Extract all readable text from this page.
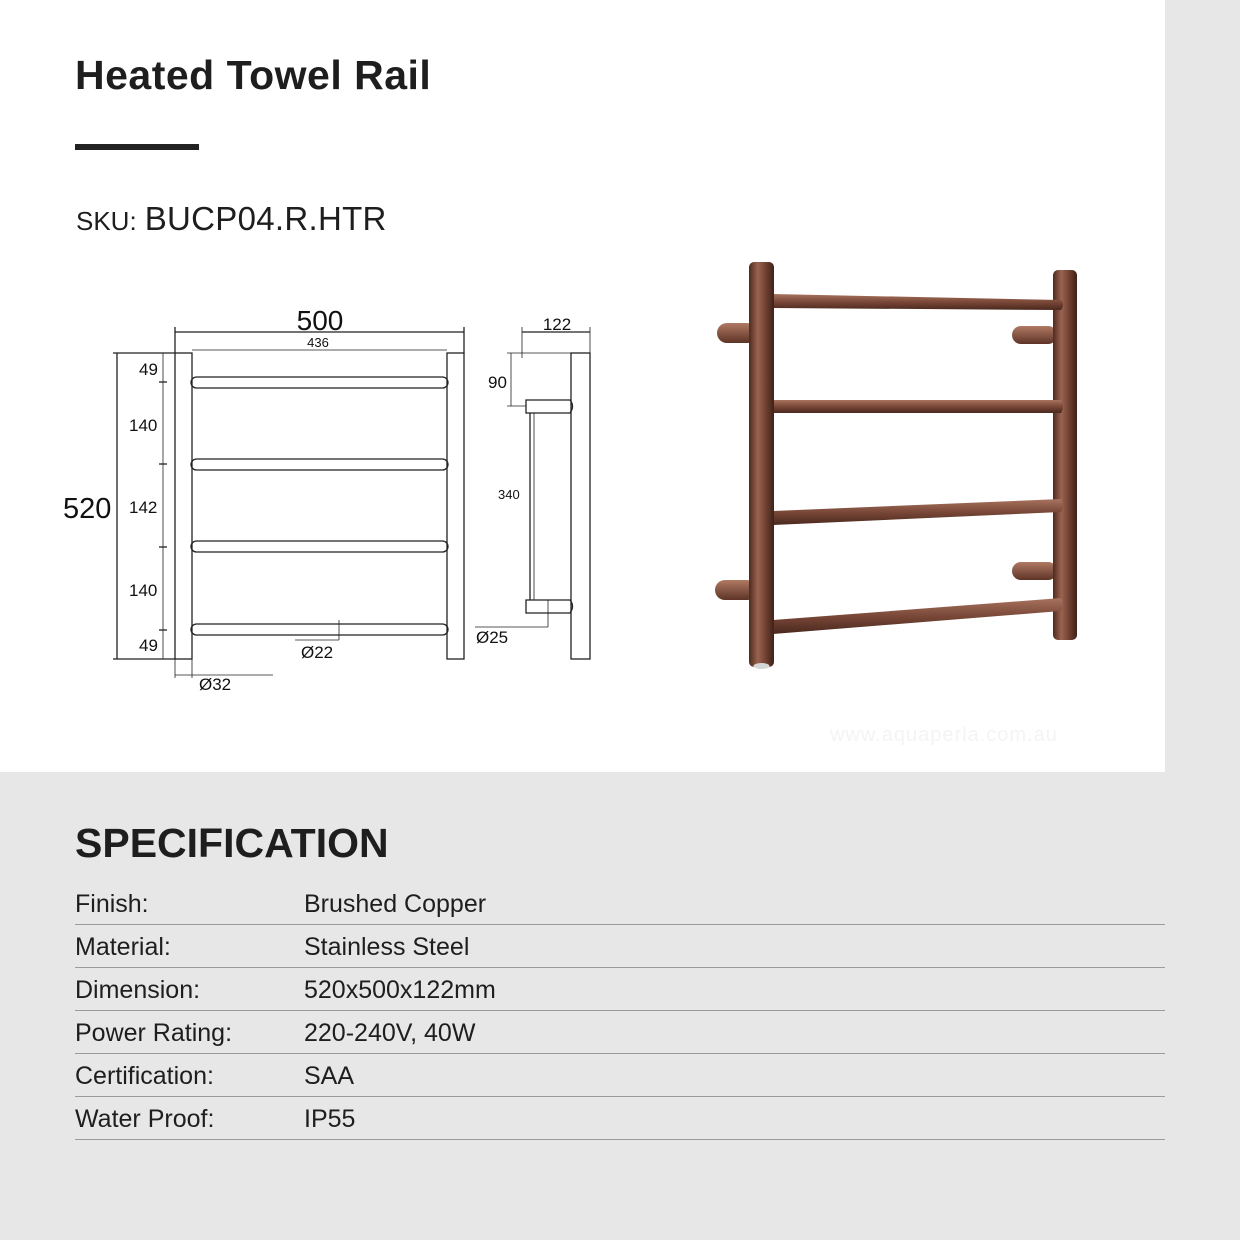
Heated Towel Rail
SKU: BUCP04.R.HTR
500
436
520
49
140
142
140
49	Ø22
Ø32
122
90
340
Ø25
www.aquaperla.com.au
SPECIFICATION
Finish:	Brushed Copper
Material:	Stainless Steel
Dimension:	520x500x122mm
Power Rating:	220-240V, 40W
Certification:	SAA
Water Proof:	IP55
